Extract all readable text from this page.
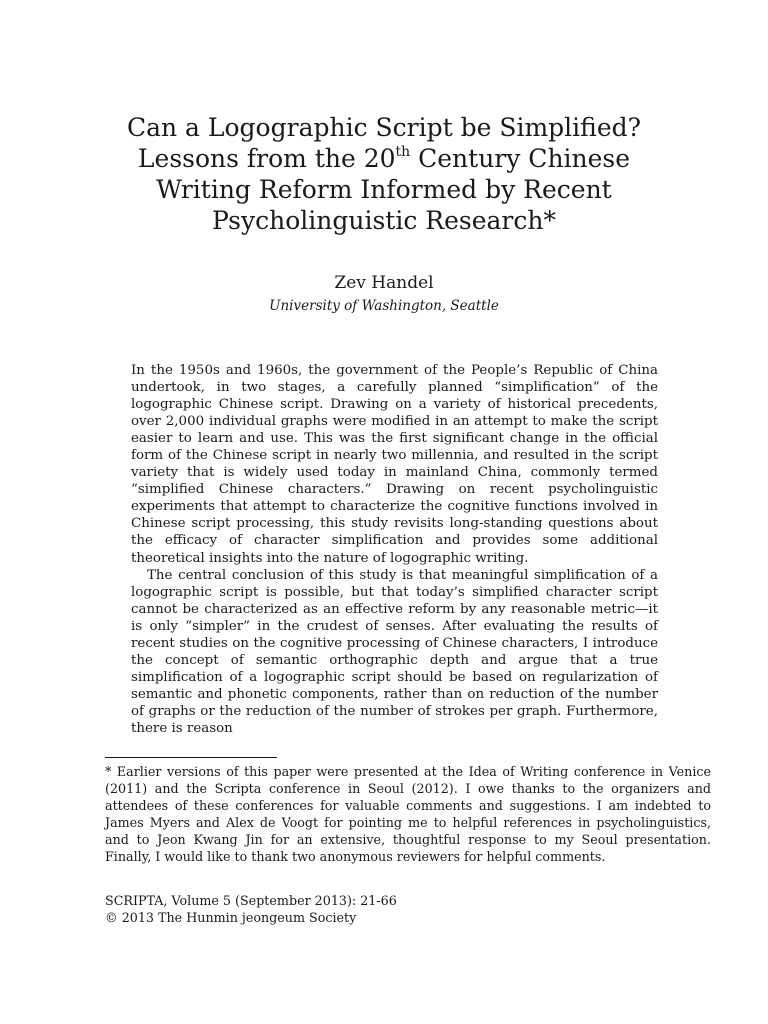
Can a Logographic Script be Simplified?
Lessons from the 20th Century Chinese
Writing Reform Informed by Recent
Psycholinguistic Research*
Zev Handel
University of Washington, Seattle

In the 1950s and 1960s, the government of the People’s Republic of China undertook, in two stages, a carefully planned “simplification” of the logographic Chinese script. Drawing on a variety of historical precedents, over 2,000 individual graphs were modified in an attempt to make the script easier to learn and use. This was the first significant change in the official form of the Chinese script in nearly two millennia, and resulted in the script variety that is widely used today in mainland China, commonly termed “simplified Chinese characters.” Drawing on recent psycholinguistic experiments that attempt to characterize the cognitive functions involved in Chinese script processing, this study revisits long-standing questions about the efficacy of character simplification and provides some additional theoretical insights into the nature of logographic writing.

The central conclusion of this study is that meaningful simplification of a logographic script is possible, but that today’s simplified character script cannot be characterized as an effective reform by any reasonable metric—it is only “simpler” in the crudest of senses. After evaluating the results of recent studies on the cognitive processing of Chinese characters, I introduce the concept of semantic orthographic depth and argue that a true simplification of a logographic script should be based on regularization of semantic and phonetic components, rather than on reduction of the number of graphs or the reduction of the number of strokes per graph. Furthermore, there is reason

* Earlier versions of this paper were presented at the Idea of Writing conference in Venice (2011) and the Scripta conference in Seoul (2012). I owe thanks to the organizers and attendees of these conferences for valuable comments and suggestions. I am indebted to James Myers and Alex de Voogt for pointing me to helpful references in psycholinguistics, and to Jeon Kwang Jin for an extensive, thoughtful response to my Seoul presentation. Finally, I would like to thank two anonymous reviewers for helpful comments.

SCRIPTA, Volume 5 (September 2013): 21-66
© 2013 The Hunmin jeongeum Society
